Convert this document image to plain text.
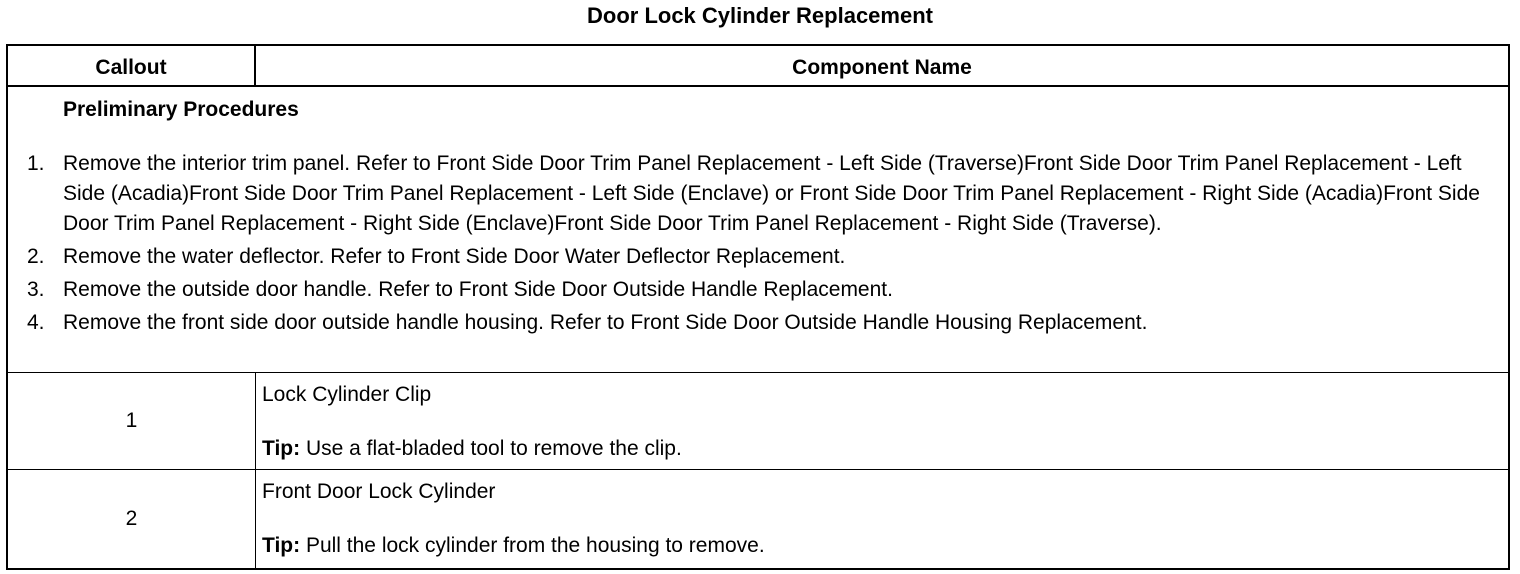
Door Lock Cylinder Replacement
Callout	Component Name
Preliminary Procedures
1. Remove the interior trim panel. Refer to Front Side Door Trim Panel Replacement - Left Side (Traverse)Front Side Door Trim Panel Replacement - Left Side (Acadia)Front Side Door Trim Panel Replacement - Left Side (Enclave) or Front Side Door Trim Panel Replacement - Right Side (Acadia)Front Side Door Trim Panel Replacement - Right Side (Enclave)Front Side Door Trim Panel Replacement - Right Side (Traverse).
2. Remove the water deflector. Refer to Front Side Door Water Deflector Replacement.
3. Remove the outside door handle. Refer to Front Side Door Outside Handle Replacement.
4. Remove the front side door outside handle housing. Refer to Front Side Door Outside Handle Housing Replacement.
1
Lock Cylinder Clip
Tip: Use a flat-bladed tool to remove the clip.
2
Front Door Lock Cylinder
Tip: Pull the lock cylinder from the housing to remove.
